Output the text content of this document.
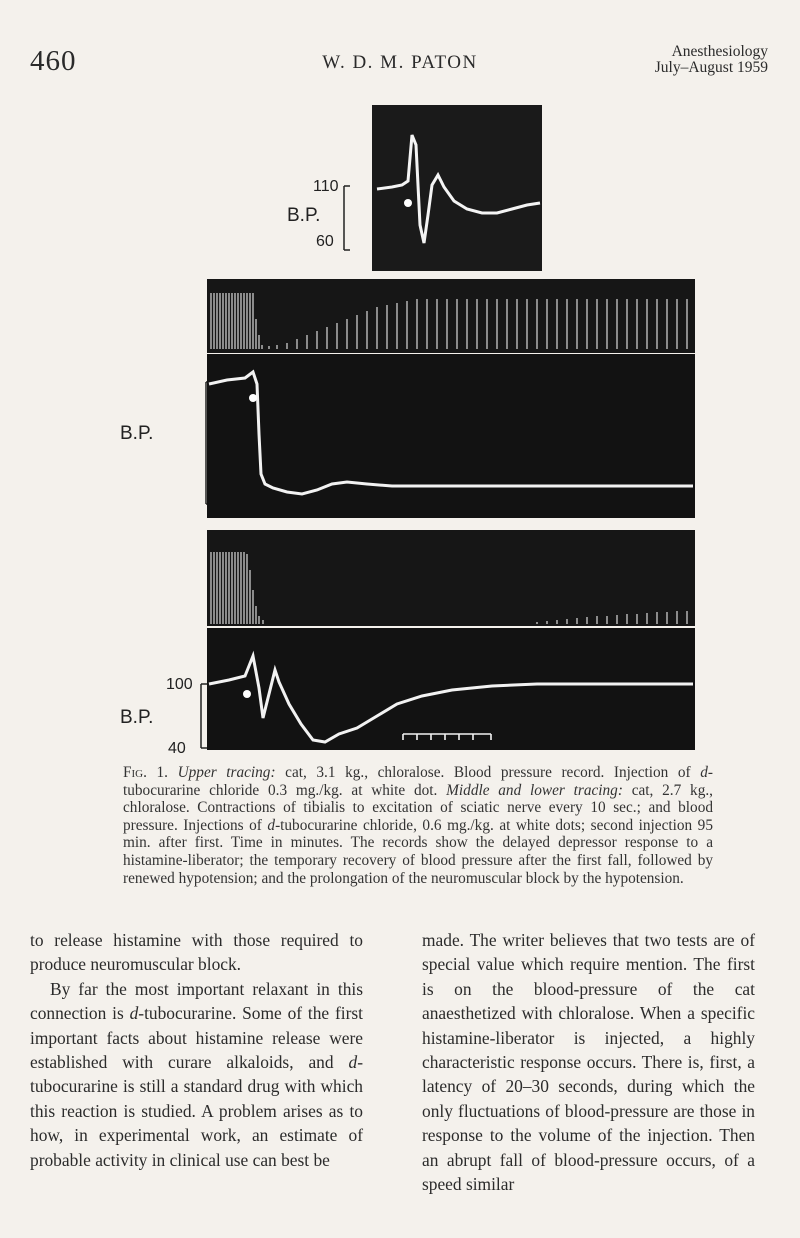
460	W. D. M. PATON
Anesthesiology
July–August 1959
110
B.P.
60
B.P.
100
B.P.
40
Fig. 1. Upper tracing: cat, 3.1 kg., chloralose. Blood pressure record. Injection of d-tubocurarine chloride 0.3 mg./kg. at white dot. Middle and lower tracing: cat, 2.7 kg., chloralose. Contractions of tibialis to excitation of sciatic nerve every 10 sec.; and blood pressure. Injections of d-tubocurarine chloride, 0.6 mg./kg. at white dots; second injection 95 min. after first. Time in minutes. The records show the delayed depressor response to a histamine-liberator; the temporary recovery of blood pressure after the first fall, followed by renewed hypotension; and the prolongation of the neuromuscular block by the hypotension.

to release histamine with those required to produce neuromuscular block.

By far the most important relaxant in this connection is d-tubocurarine. Some of the first important facts about histamine release were established with curare alkaloids, and d-tubocurarine is still a standard drug with which this reaction is studied. A problem arises as to how, in experimental work, an estimate of probable activity in clinical use can best be

made. The writer believes that two tests are of special value which require mention. The first is on the blood-pressure of the cat anaesthetized with chloralose. When a specific histamine-liberator is injected, a highly characteristic response occurs. There is, first, a latency of 20–30 seconds, during which the only fluctuations of blood-pressure are those in response to the volume of the injection. Then an abrupt fall of blood-pressure occurs, of a speed similar
